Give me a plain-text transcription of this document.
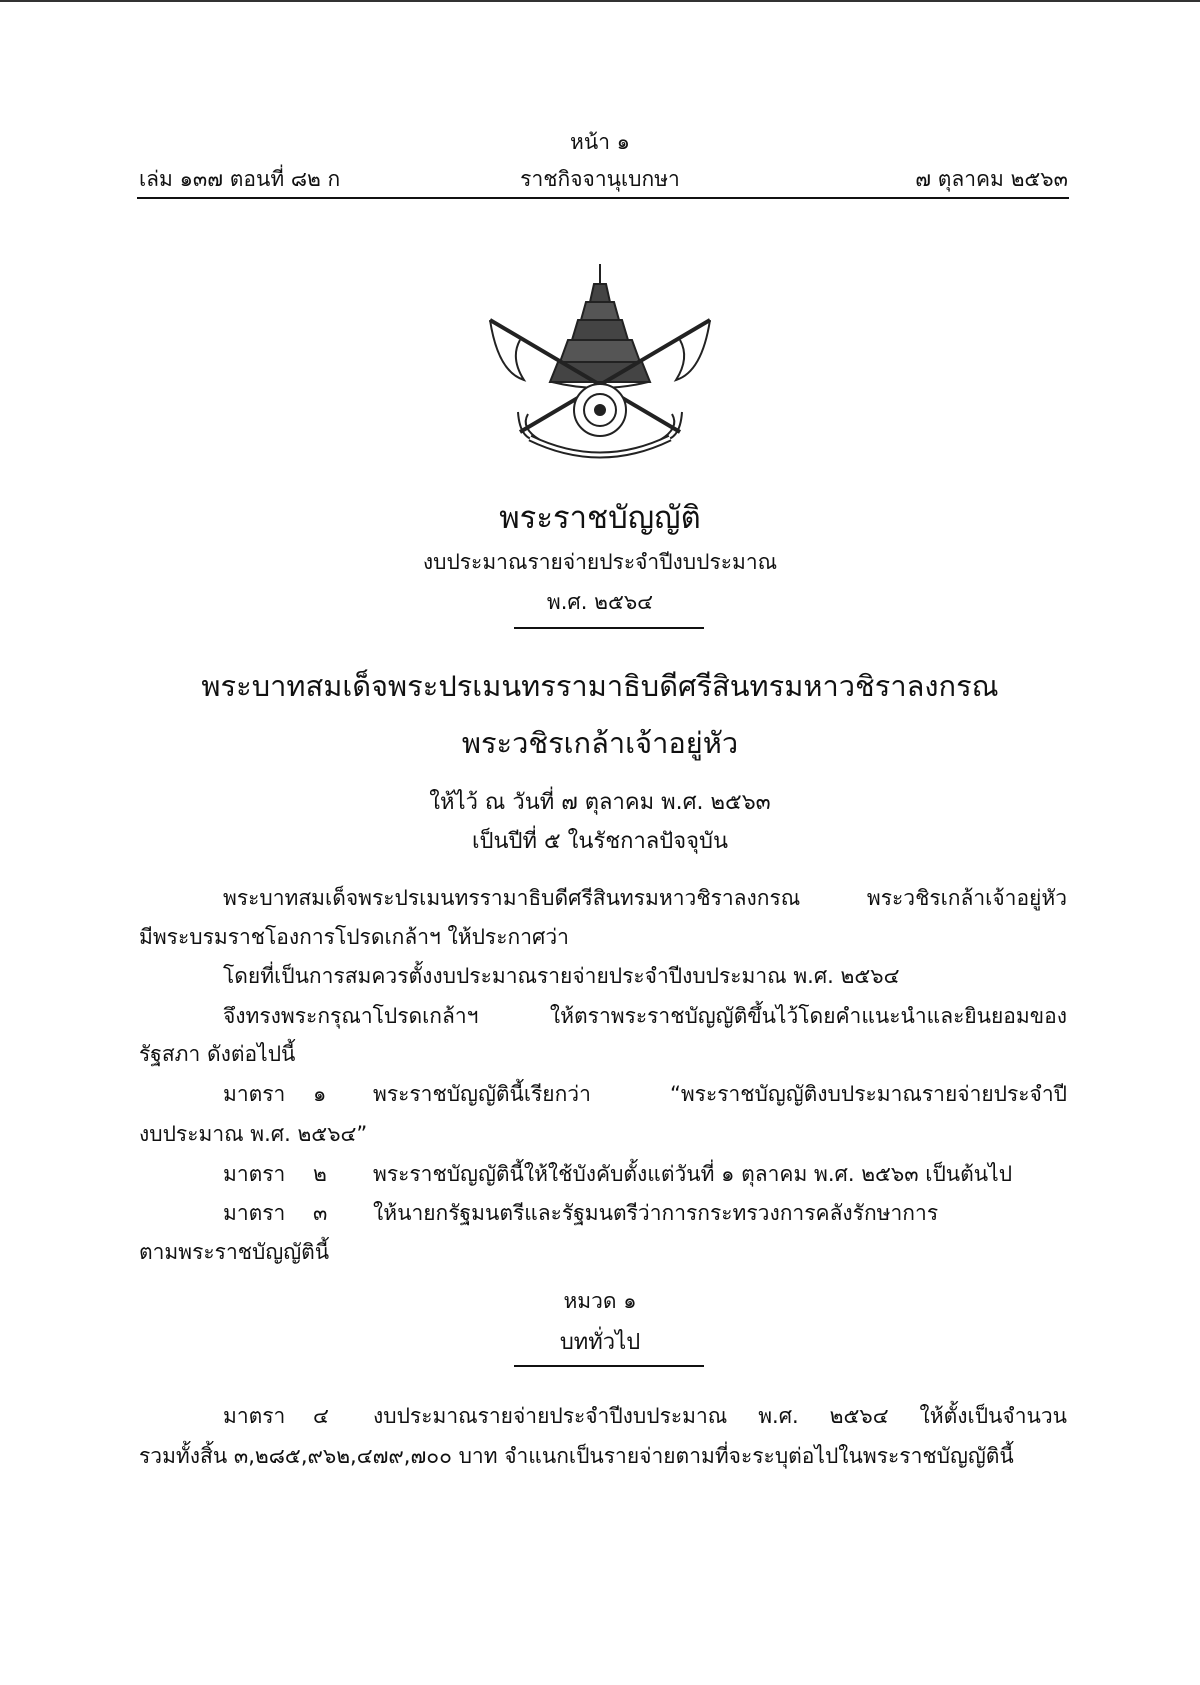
หน้า ๑
เล่ม ๑๓๗ ตอนที่ ๘๒ ก	ราชกิจจานุเบกษา	๗ ตุลาคม ๒๕๖๓
พระราชบัญญัติ
งบประมาณรายจ่ายประจำปีงบประมาณ
พ.ศ. ๒๕๖๔
พระบาทสมเด็จพระปรเมนทรรามาธิบดีศรีสินทรมหาวชิราลงกรณ
พระวชิรเกล้าเจ้าอยู่หัว
ให้ไว้ ณ วันที่ ๗ ตุลาคม พ.ศ. ๒๕๖๓
เป็นปีที่ ๕ ในรัชกาลปัจจุบัน
พระบาทสมเด็จพระปรเมนทรรามาธิบดีศรีสินทรมหาวชิราลงกรณ พระวชิรเกล้าเจ้าอยู่หัว
มีพระบรมราชโองการโปรดเกล้าฯ ให้ประกาศว่า
โดยที่เป็นการสมควรตั้งงบประมาณรายจ่ายประจำปีงบประมาณ พ.ศ. ๒๕๖๔
จึงทรงพระกรุณาโปรดเกล้าฯ ให้ตราพระราชบัญญัติขึ้นไว้โดยคำแนะนำและยินยอมของ
รัฐสภา ดังต่อไปนี้
มาตรา ๑ พระราชบัญญัตินี้เรียกว่า “พระราชบัญญัติงบประมาณรายจ่ายประจำปี
งบประมาณ พ.ศ. ๒๕๖๔”
มาตรา ๒ พระราชบัญญัตินี้ให้ใช้บังคับตั้งแต่วันที่ ๑ ตุลาคม พ.ศ. ๒๕๖๓ เป็นต้นไป
มาตรา ๓ ให้นายกรัฐมนตรีและรัฐมนตรีว่าการกระทรวงการคลังรักษาการ
ตามพระราชบัญญัตินี้
หมวด ๑
บททั่วไป
มาตรา ๔ งบประมาณรายจ่ายประจำปีงบประมาณ พ.ศ. ๒๕๖๔ ให้ตั้งเป็นจำนวน
รวมทั้งสิ้น ๓,๒๘๕,๙๖๒,๔๗๙,๗๐๐ บาท จำแนกเป็นรายจ่ายตามที่จะระบุต่อไปในพระราชบัญญัตินี้
